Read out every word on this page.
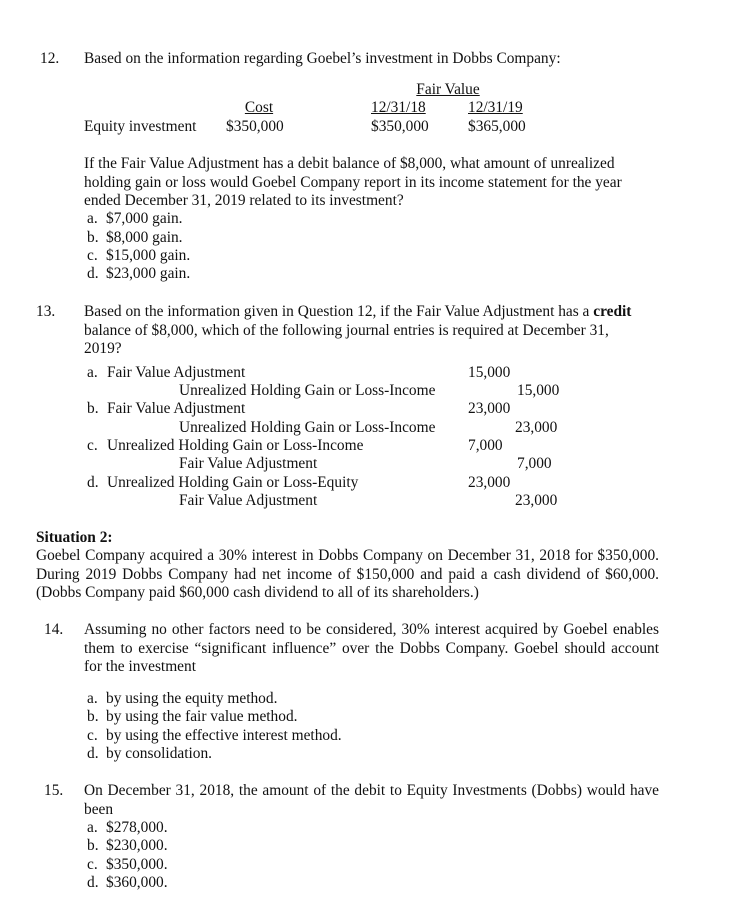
12. Based on the information regarding Goebel’s investment in Dobbs Company:
Fair Value
Cost	12/31/18	12/31/19
Equity investment $350,000	$350,000	$365,000
If the Fair Value Adjustment has a debit balance of $8,000, what amount of unrealized
holding gain or loss would Goebel Company report in its income statement for the year
ended December 31, 2019 related to its investment?
a. $7,000 gain.
b. $8,000 gain.
c. $15,000 gain.
d. $23,000 gain.
13. Based on the information given in Question 12, if the Fair Value Adjustment has a credit
balance of $8,000, which of the following journal entries is required at December 31,
2019?
a. Fair Value Adjustment	15,000
Unrealized Holding Gain or Loss-Income	15,000
b. Fair Value Adjustment	23,000
Unrealized Holding Gain or Loss-Income	23,000
c. Unrealized Holding Gain or Loss-Income	7,000
Fair Value Adjustment	7,000
d. Unrealized Holding Gain or Loss-Equity	23,000
Fair Value Adjustment	23,000
Situation 2:
Goebel Company acquired a 30% interest in Dobbs Company on December 31, 2018 for $350,000. During 2019 Dobbs Company had net income of $150,000 and paid a cash dividend of $60,000. (Dobbs Company paid $60,000 cash dividend to all of its shareholders.)
14. Assuming no other factors need to be considered, 30% interest acquired by Goebel enables them to exercise “significant influence” over the Dobbs Company. Goebel should account for the investment
a. by using the equity method.
b. by using the fair value method.
c. by using the effective interest method.
d. by consolidation.
15. On December 31, 2018, the amount of the debit to Equity Investments (Dobbs) would have been
a. $278,000.
b. $230,000.
c. $350,000.
d. $360,000.
